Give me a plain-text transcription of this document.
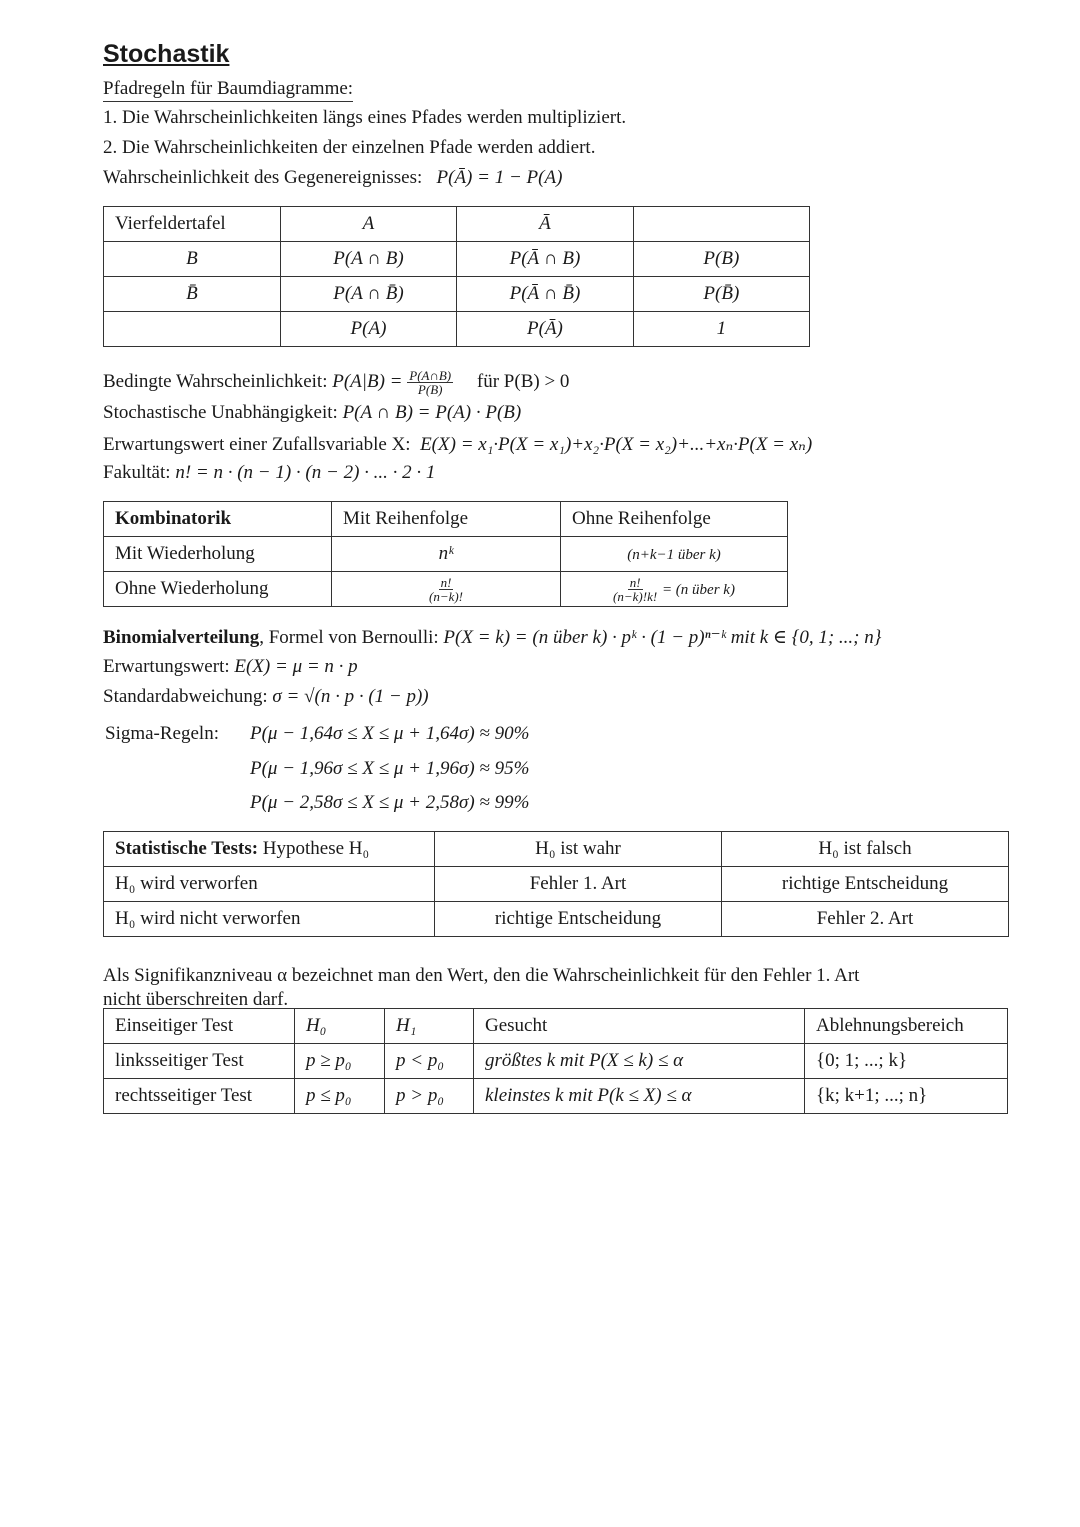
Stochastik
Pfadregeln für Baumdiagramme:
1. Die Wahrscheinlichkeiten längs eines Pfades werden multipliziert.
2. Die Wahrscheinlichkeiten der einzelnen Pfade werden addiert.
Wahrscheinlichkeit des Gegenereignisses: P(Ā) = 1 − P(A)
Vierfeldertafel	A	Ā	
B	P(A ∩ B)	P(Ā ∩ B)	P(B)
B̄	P(A ∩ B̄)	P(Ā ∩ B̄)	P(B̄)
	P(A)	P(Ā)	1
Bedingte Wahrscheinlichkeit: $P(A|B) = \frac{P(A\cap B)}{P(B)}$ für P(B) > 0
Stochastische Unabhängigkeit: P(A ∩ B) = P(A) · P(B)
Erwartungswert einer Zufallsvariable X: E(X) = x₁·P(X = x₁)+x₂·P(X = x₂)+...+xₙ·P(X = xₙ)
Fakultät: n! = n · (n − 1) · (n − 2) · ... · 2 · 1
Kombinatorik	Mit Reihenfolge	Ohne Reihenfolge
Mit Wiederholung	nᵏ	(n+k−1 über k)
Ohne Wiederholung	$\frac{n!}{(n-k)!}$	$\frac{n!}{(n-k)!k!} = (n$ über k)
Binomialverteilung, Formel von Bernoulli: P(X = k) = (n über k) · pᵏ · (1 − p)ⁿ⁻ᵏ mit k ∈ {0, 1; ...; n}
Erwartungswert: E(X) = μ = n · p
Standardabweichung: σ = √(n · p · (1 − p))
Sigma-Regeln: P(μ − 1,64σ ≤ X ≤ μ + 1,64σ) ≈ 90%
P(μ − 1,96σ ≤ X ≤ μ + 1,96σ) ≈ 95%
P(μ − 2,58σ ≤ X ≤ μ + 2,58σ) ≈ 99%
Statistische Tests: Hypothese H₀	H₀ ist wahr	H₀ ist falsch
H₀ wird verworfen	Fehler 1. Art	richtige Entscheidung
H₀ wird nicht verworfen	richtige Entscheidung	Fehler 2. Art
Als Signifikanzniveau α bezeichnet man den Wert, den die Wahrscheinlichkeit für den Fehler 1. Art
nicht überschreiten darf.
Einseitiger Test	H₀	H₁	Gesucht	Ablehnungsbereich
linksseitiger Test	p ≥ p₀	p < p₀	größtes k mit P(X ≤ k) ≤ α	{0; 1; ...; k}
rechtsseitiger Test	p ≤ p₀	p > p₀	kleinstes k mit P(k ≤ X) ≤ α	{k; k+1; ...; n}
